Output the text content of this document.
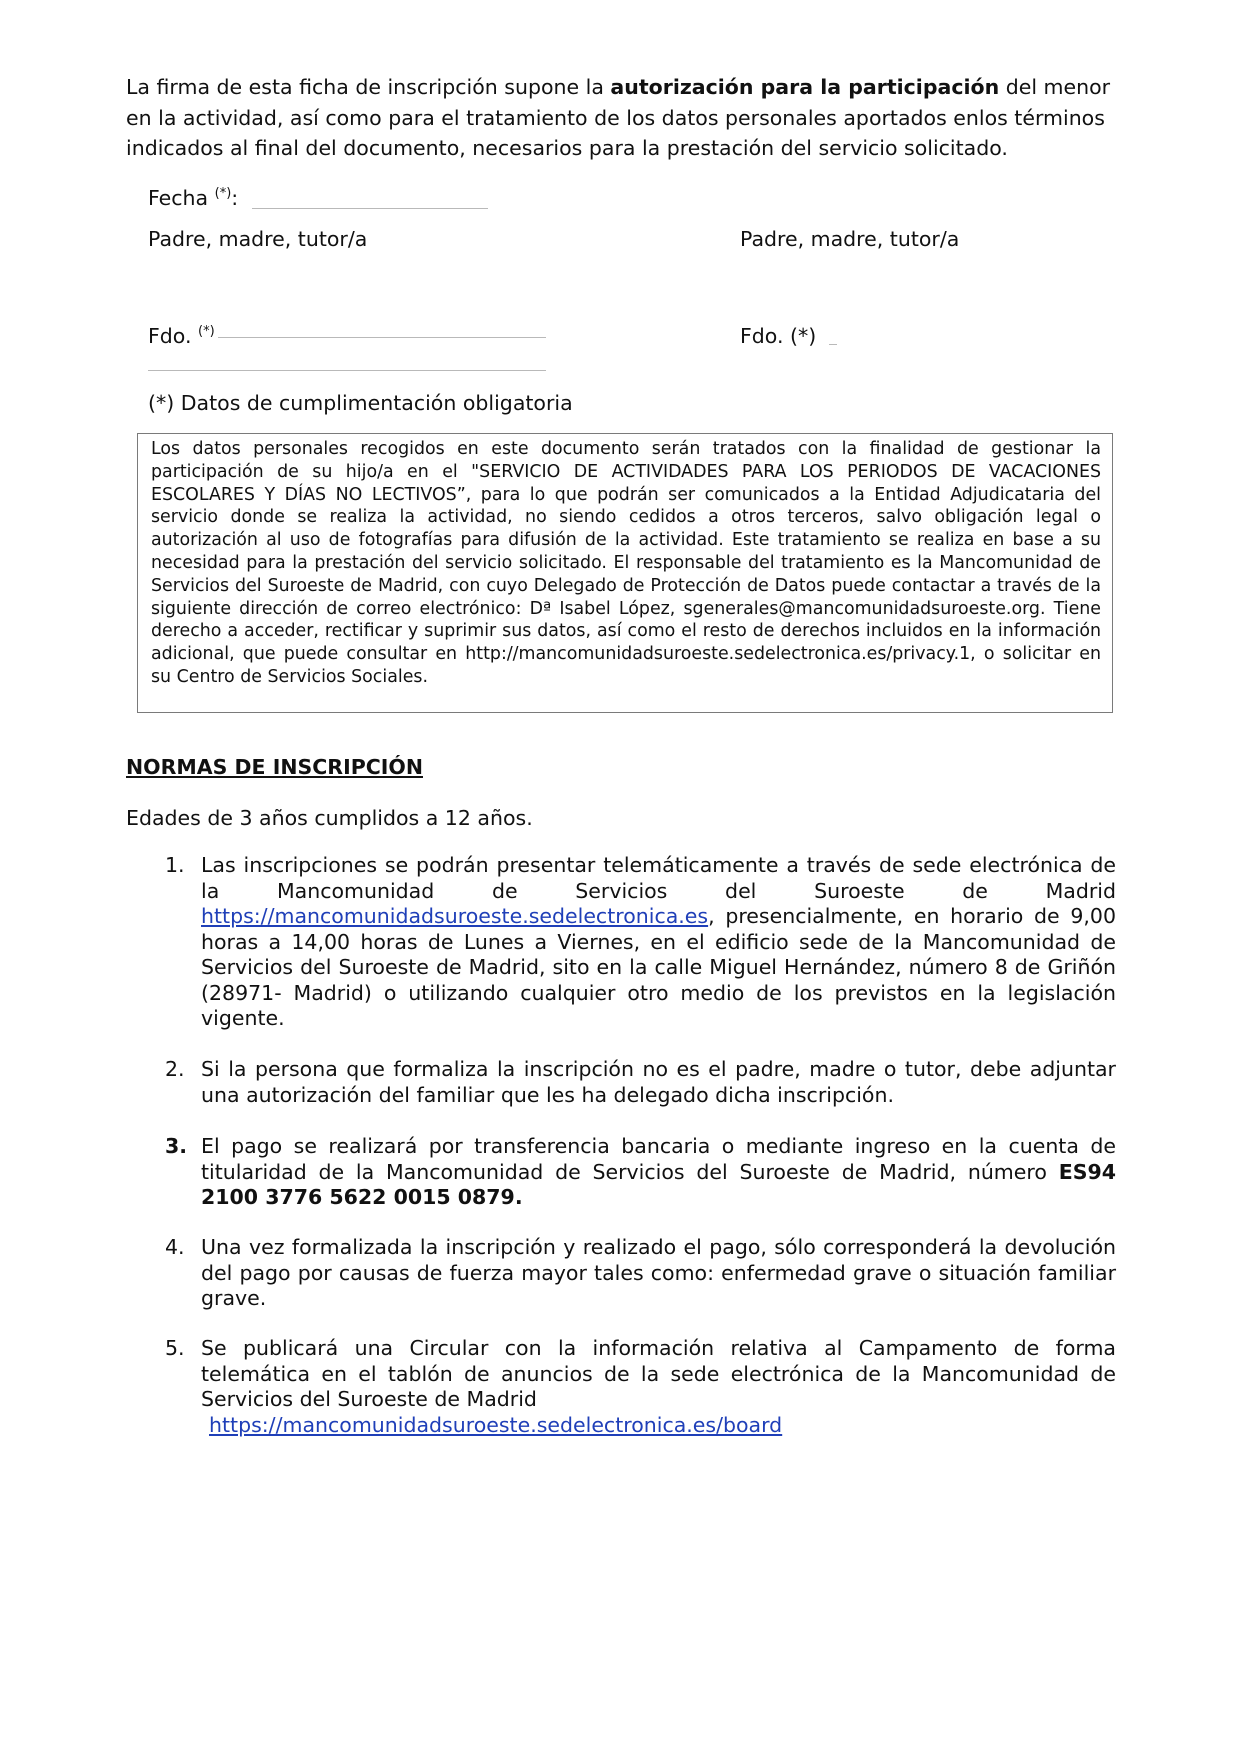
La firma de esta ficha de inscripción supone la autorización para la participación del menor en la actividad, así como para el tratamiento de los datos personales aportados enlos términos indicados al final del documento, necesarios para la prestación del servicio solicitado.

Fecha (*):
Padre, madre, tutor/a	Padre, madre, tutor/a
Fdo. (*)	Fdo. (*)
(*) Datos de cumplimentación obligatoria

Los datos personales recogidos en este documento serán tratados con la finalidad de gestionar la participación de su hijo/a en el "SERVICIO DE ACTIVIDADES PARA LOS PERIODOS DE VACACIONES ESCOLARES Y DÍAS NO LECTIVOS”, para lo que podrán ser comunicados a la Entidad Adjudicataria del servicio donde se realiza la actividad, no siendo cedidos a otros terceros, salvo obligación legal o autorización al uso de fotografías para difusión de la actividad. Este tratamiento se realiza en base a su necesidad para la prestación del servicio solicitado. El responsable del tratamiento es la Mancomunidad de Servicios del Suroeste de Madrid, con cuyo Delegado de Protección de Datos puede contactar a través de la siguiente dirección de correo electrónico: Dª Isabel López, sgenerales@mancomunidadsuroeste.org. Tiene derecho a acceder, rectificar y suprimir sus datos, así como el resto de derechos incluidos en la información adicional, que puede consultar en http://mancomunidadsuroeste.sedelectronica.es/privacy.1, o solicitar en su Centro de Servicios Sociales.

NORMAS DE INSCRIPCIÓN
Edades de 3 años cumplidos a 12 años.
1. Las inscripciones se podrán presentar telemáticamente a través de sede electrónica de la Mancomunidad de Servicios del Suroeste de Madrid https://mancomunidadsuroeste.sedelectronica.es, presencialmente, en horario de 9,00 horas a 14,00 horas de Lunes a Viernes, en el edificio sede de la Mancomunidad de Servicios del Suroeste de Madrid, sito en la calle Miguel Hernández, número 8 de Griñón (28971- Madrid) o utilizando cualquier otro medio de los previstos en la legislación vigente.
2. Si la persona que formaliza la inscripción no es el padre, madre o tutor, debe adjuntar una autorización del familiar que les ha delegado dicha inscripción.
3. El pago se realizará por transferencia bancaria o mediante ingreso en la cuenta de titularidad de la Mancomunidad de Servicios del Suroeste de Madrid, número ES94 2100 3776 5622 0015 0879.
4. Una vez formalizada la inscripción y realizado el pago, sólo corresponderá la devolución del pago por causas de fuerza mayor tales como: enfermedad grave o situación familiar grave.
5. Se publicará una Circular con la información relativa al Campamento de forma telemática en el tablón de anuncios de la sede electrónica de la Mancomunidad de Servicios del Suroeste de Madrid
https://mancomunidadsuroeste.sedelectronica.es/board
